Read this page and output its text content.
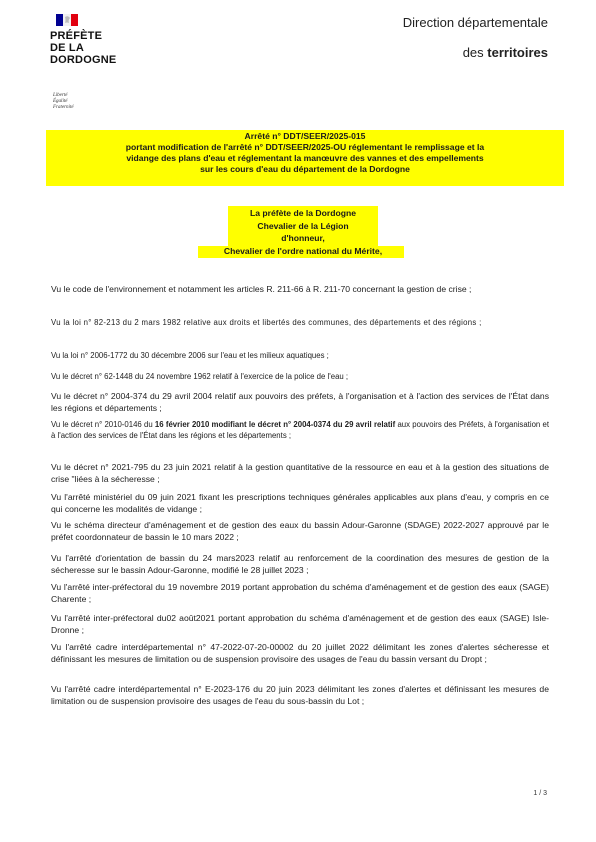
PRÉFÈTE
DE LA
DORDOGNE
Liberté
Égalité
Fraternité
Direction départementale
des territoires
Arrêté n° DDT/SEER/2025-015
portant modification de l'arrêté n° DDT/SEER/2025-OU réglementant le remplissage et la
vidange des plans d'eau et réglementant la manœuvre des vannes et des empellements
sur les cours d'eau du département de la Dordogne
La préfète de la Dordogne
Chevalier de la Légion
d'honneur,
Chevalier de l'ordre national du Mérite,
Vu le code de l'environnement et notamment les articles R. 211-66 à R. 211-70 concernant la gestion de crise ;
Vu la loi n° 82-213 du 2 mars 1982 relative aux droits et libertés des communes, des départements et des régions ;
Vu la loi n° 2006-1772 du 30 décembre 2006 sur l'eau et les milieux aquatiques ;
Vu le décret n° 62-1448 du 24 novembre 1962 relatif à l'exercice de la police de l'eau ;
Vu le décret n° 2004-374 du 29 avril 2004 relatif aux pouvoirs des préfets, à l'organisation et à l'action des services de l'État dans les régions et départements ;
Vu le décret n° 2010-0146 du 16 février 2010 modifiant le décret n° 2004-0374 du 29 avril relatif aux pouvoirs des Préfets, à l'organisation et à l'action des services de l'État dans les régions et les départements ;
Vu le décret n° 2021-795 du 23 juin 2021 relatif à la gestion quantitative de la ressource en eau et à la gestion des situations de crise "liées à la sécheresse ;
Vu l'arrêté ministériel du 09 juin 2021 fixant les prescriptions techniques générales applicables aux plans d'eau, y compris en ce qui concerne les modalités de vidange ;
Vu le schéma directeur d'aménagement et de gestion des eaux du bassin Adour-Garonne (SDAGE) 2022-2027 approuvé par le préfet coordonnateur de bassin le 10 mars 2022 ;
Vu l'arrêté d'orientation de bassin du 24 mars2023 relatif au renforcement de la coordination des mesures de gestion de la sécheresse sur le bassin Adour-Garonne, modifié le 28 juillet 2023 ;
Vu l'arrêté inter-préfectoral du 19 novembre 2019 portant approbation du schéma d'aménagement et de gestion des eaux (SAGE) Charente ;
Vu l'arrêté inter-préfectoral du02 août2021 portant approbation du schéma d'aménagement et de gestion des eaux (SAGE) Isle-Dronne ;
Vu l'arrêté cadre interdépartemental n° 47-2022-07-20-00002 du 20 juillet 2022 délimitant les zones d'alertes sécheresse et définissant les mesures de limitation ou de suspension provisoire des usages de l'eau du bassin versant du Dropt ;
Vu l'arrêté cadre interdépartemental n° E-2023-176 du 20 juin 2023 délimitant les zones d'alertes et définissant les mesures de limitation ou de suspension provisoire des usages de l'eau du sous-bassin du Lot ;
1 / 3
